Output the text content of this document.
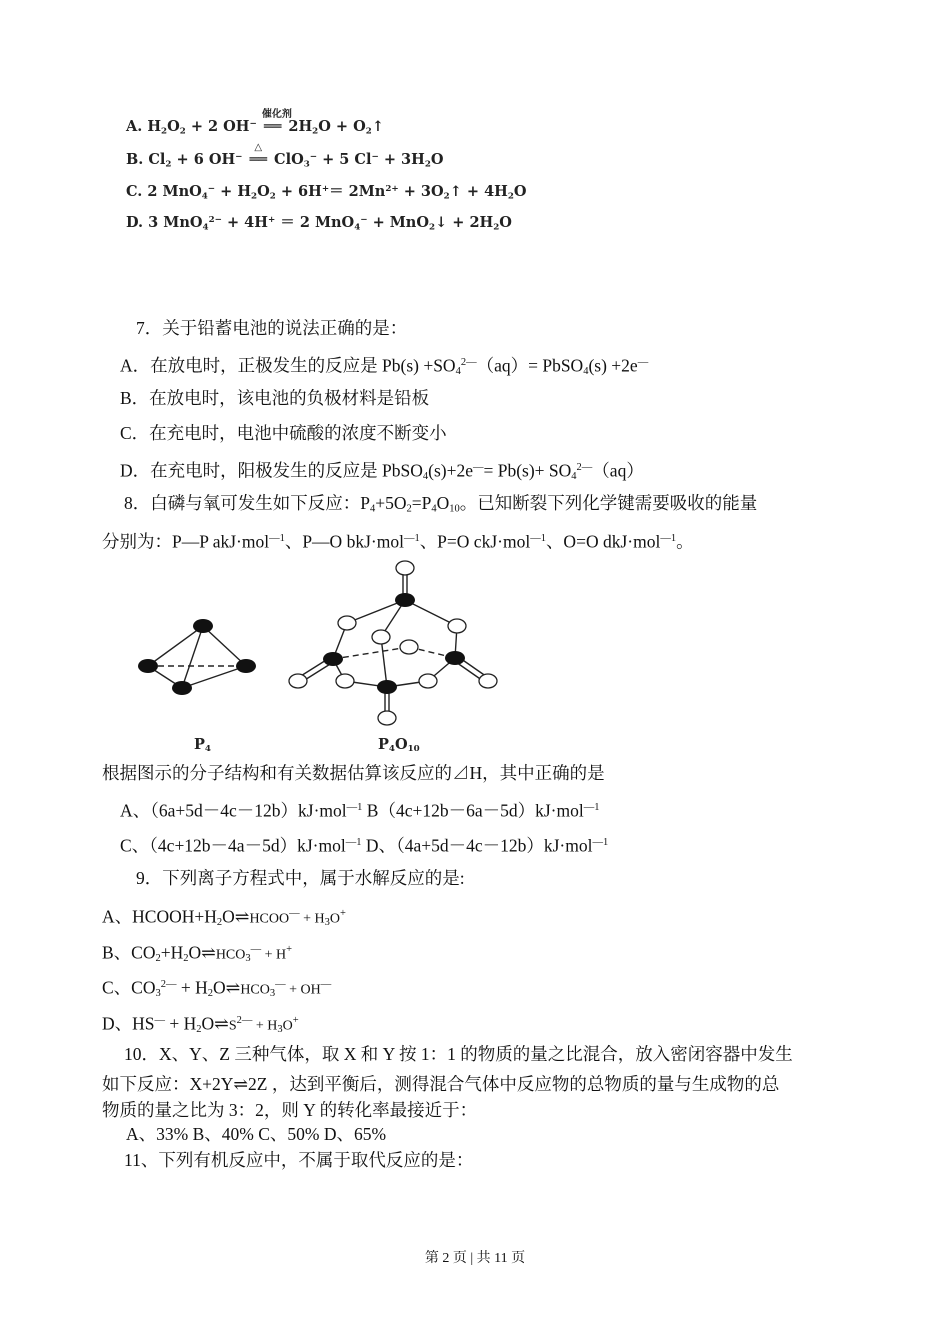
A. $H_2O_2 + 2$ OH−
催化剂
══ $2H_2O$ + $O_2↑$
B. $Cl_2 + 6$ OH−
△
══ ClO$_3$− + 5 $Cl^- + 3H_2O$
C. 2 $MnO_4^- + H_2O_2 + 6H^+= 2Mn^{2+}$ + $3O_2↑ + 4H_2O$
D. 3 MnO$_4^{2-}$ + 4H+ ＝ 2 MnO$_4$− + MnO$_2$↓ + $2H_2O$
7．关于铅蓄电池的说法正确的是：
A．在放电时，正极发生的反应是 $Pb(s) +SO_4^{2—}(aq)=$ PbSO$_4$(s) +2e—
B．在放电时，该电池的负极材料是铅板
C．在充电时，电池中硫酸的浓度不断变小
D．在充电时，阳极发生的反应是 PbSO$_4$(s)+2e—= $Pb(s)+ SO_4^{2—}(aq)$
8．白磷与氧可发生如下反应：$P_4+5O_2=P_4O_{10}$。已知断裂下列化学键需要吸收的能量
分别为：P—P akJ·mol$^{—1}$、P—O bkJ·mol$^{—1}$、P=O ckJ·mol$^{—1}$、O=O dkJ·mol$^{—1}$。
$P_4$	$P_4O_{10}$
根据图示的分子结构和有关数据估算该反应的⊿H，其中正确的是
A、（6a+5d－4c－12b）kJ·mol$^{—1}$ B（4c+12b－6a－5d）kJ·mol$^{—1}$
C、（4c+12b－4a－5d）kJ·mol$^{—1}$ D、（4a+5d－4c－12b）kJ·mol$^{—1}$
9．下列离子方程式中，属于水解反应的是:
A、$HCOOH+H_2O\rightleftharpoons HCOO^— + H_3O^+$
B、$CO_2+H_2O\rightleftharpoons HCO_3^— + H^+$
C、$CO_3^{2—}$ + $H_2O\rightleftharpoons HCO_3^— + OH^—$
D、$HS^— + H_2O\rightleftharpoons S^{2—} + H_3O^+$
10．X、Y、Z 三种气体，取 X 和 Y 按 1：1 的物质的量之比混合，放入密闭容器中发生
如下反应：X+2Y⇌2Z ，达到平衡后，测得混合气体中反应物的总物质的量与生成物的总
物质的量之比为 3：2，则 Y 的转化率最接近于：
A、33% B、40% C、50% D、65%
11、下列有机反应中，不属于取代反应的是：
第 2 页 | 共 11 页
